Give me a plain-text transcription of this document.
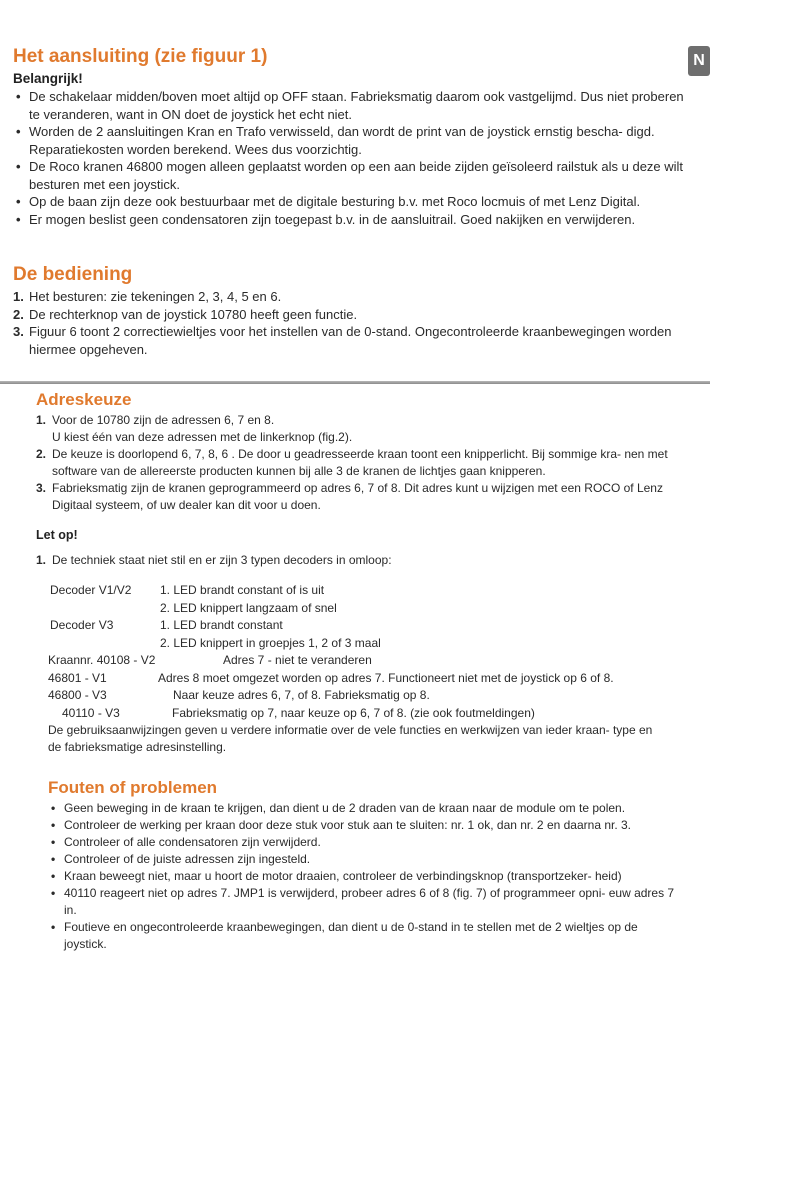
N
Het aansluiting (zie figuur 1)
Belangrijk!
• De schakelaar midden/boven moet altijd op OFF staan. Fabrieksmatig daarom ook vastgelijmd. Dus niet proberen te veranderen, want in ON doet de joystick het echt niet.
• Worden de 2 aansluitingen Kran en Trafo verwisseld, dan wordt de print van de joystick ernstig bescha- digd. Reparatiekosten worden berekend. Wees dus voorzichtig.
• De Roco kranen 46800 mogen alleen geplaatst worden op een aan beide zijden geïsoleerd railstuk als u deze wilt besturen met een joystick.
• Op de baan zijn deze ook bestuurbaar met de digitale besturing b.v. met Roco locmuis of met Lenz Digital.
• Er mogen beslist geen condensatoren zijn toegepast b.v. in de aansluitrail. Goed nakijken en verwijderen.
De bediening
1. Het besturen: zie tekeningen 2, 3, 4, 5 en 6.
2. De rechterknop van de joystick 10780 heeft geen functie.
3. Figuur 6 toont 2 correctiewieltjes voor het instellen van de 0-stand. Ongecontroleerde kraanbewegingen worden hiermee opgeheven.
Adreskeuze
1. Voor de 10780 zijn de adressen 6, 7 en 8.
U kiest één van deze adressen met de linkerknop (fig.2).
2. De keuze is doorlopend 6, 7, 8, 6 . De door u geadresseerde kraan toont een knipperlicht. Bij sommige kra- nen met software van de allereerste producten kunnen bij alle 3 de kranen de lichtjes gaan knipperen.
3. Fabrieksmatig zijn de kranen geprogrammeerd op adres 6, 7 of 8. Dit adres kunt u wijzigen met een ROCO of Lenz Digitaal systeem, of uw dealer kan dit voor u doen.
Let op!
1. De techniek staat niet stil en er zijn 3 typen decoders in omloop:
Decoder V1/V2 1. LED brandt constant of is uit
2. LED knippert langzaam of snel
Decoder V3	1. LED brandt constant
2. LED knippert in groepjes 1, 2 of 3 maal
Kraannr. 40108 - V2	Adres 7 - niet te veranderen
46801 - V1	Adres 8 moet omgezet worden op adres 7. Functioneert niet met de joystick op 6 of 8.
46800 - V3	Naar keuze adres 6, 7, of 8. Fabrieksmatig op 8.
40110 - V3	Fabrieksmatig op 7, naar keuze op 6, 7 of 8. (zie ook foutmeldingen)
De gebruiksaanwijzingen geven u verdere informatie over de vele functies en werkwijzen van ieder kraan- type en de fabrieksmatige adresinstelling.
Fouten of problemen
• Geen beweging in de kraan te krijgen, dan dient u de 2 draden van de kraan naar de module om te polen.
• Controleer de werking per kraan door deze stuk voor stuk aan te sluiten: nr. 1 ok, dan nr. 2 en daarna nr. 3.
• Controleer of alle condensatoren zijn verwijderd.
• Controleer of de juiste adressen zijn ingesteld.
• Kraan beweegt niet, maar u hoort de motor draaien, controleer de verbindingsknop (transportzeker- heid)
• 40110 reageert niet op adres 7. JMP1 is verwijderd, probeer adres 6 of 8 (fig. 7) of programmeer opni- euw adres 7 in.
• Foutieve en ongecontroleerde kraanbewegingen, dan dient u de 0-stand in te stellen met de 2 wieltjes op de joystick.
